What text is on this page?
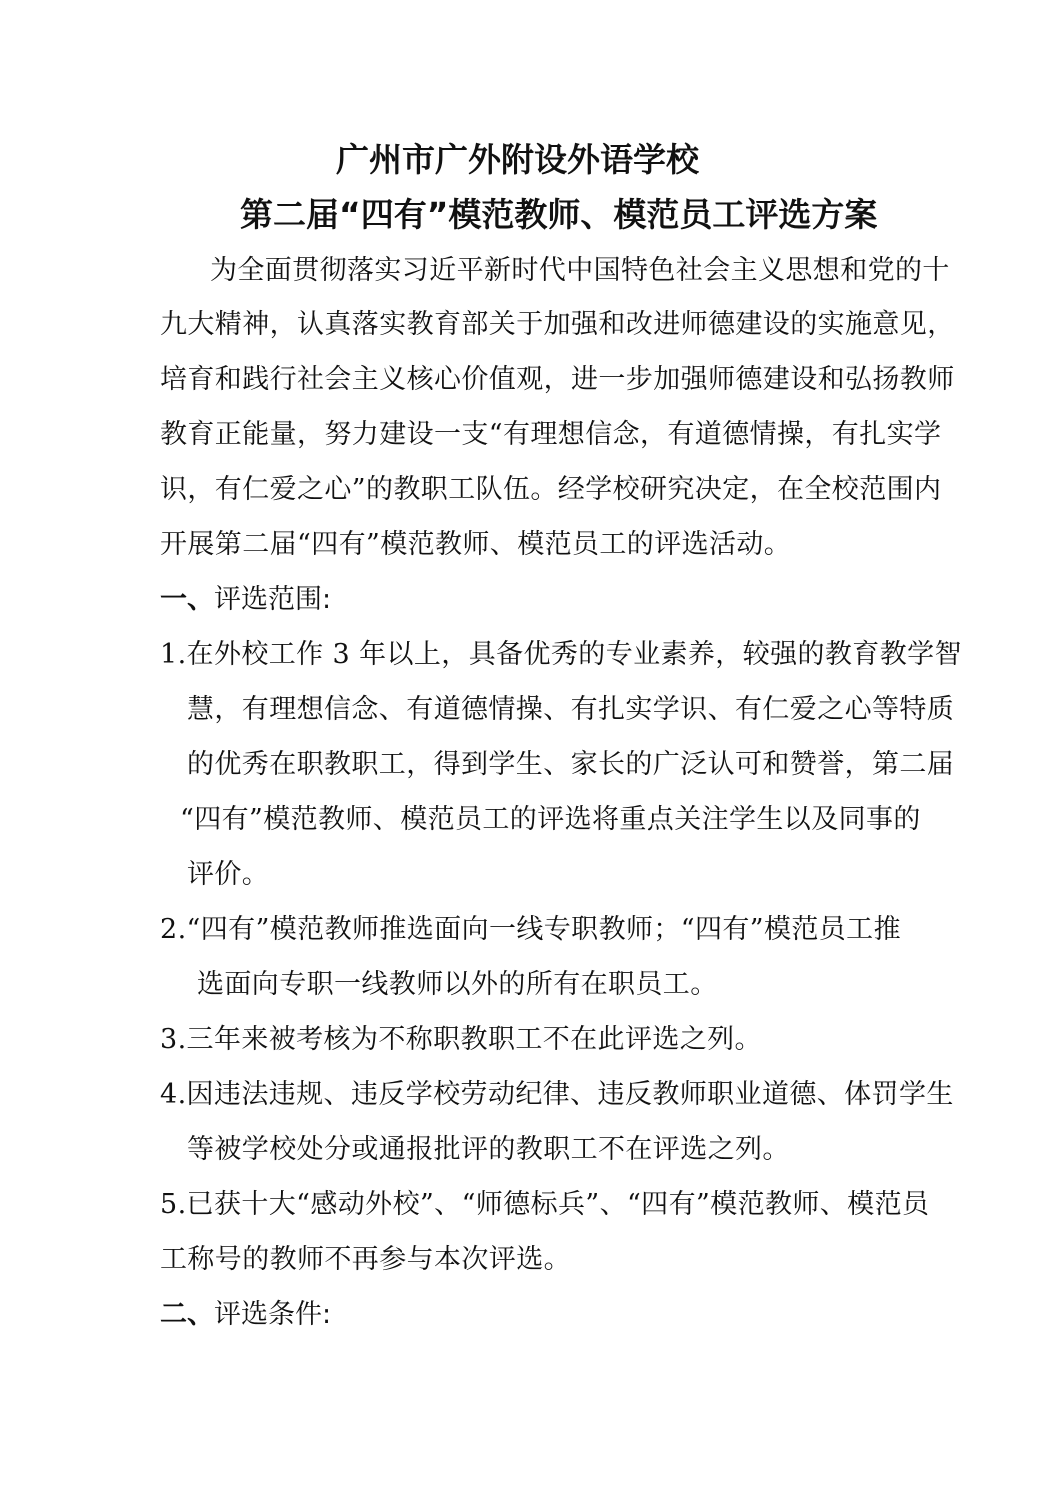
广州市广外附设外语学校
第二届“四有”模范教师、模范员工评选方案
为全面贯彻落实习近平新时代中国特色社会主义思想和党的十
九大精神，认真落实教育部关于加强和改进师德建设的实施意见，
培育和践行社会主义核心价值观，进一步加强师德建设和弘扬教师
教育正能量，努力建设一支“有理想信念，有道德情操，有扎实学
识，有仁爱之心”的教职工队伍。经学校研究决定，在全校范围内
开展第二届“四有”模范教师、模范员工的评选活动。
一、评选范围:
1.在外校工作 3 年以上，具备优秀的专业素养，较强的教育教学智
慧，有理想信念、有道德情操、有扎实学识、有仁爱之心等特质
的优秀在职教职工，得到学生、家长的广泛认可和赞誉，第二届
“四有”模范教师、模范员工的评选将重点关注学生以及同事的
评价。
2.“四有”模范教师推选面向一线专职教师；“四有”模范员工推
选面向专职一线教师以外的所有在职员工。
3.三年来被考核为不称职教职工不在此评选之列。
4.因违法违规、违反学校劳动纪律、违反教师职业道德、体罚学生
等被学校处分或通报批评的教职工不在评选之列。
5.已获十大“感动外校”、“师德标兵”、“四有”模范教师、模范员
工称号的教师不再参与本次评选。
二、评选条件:
